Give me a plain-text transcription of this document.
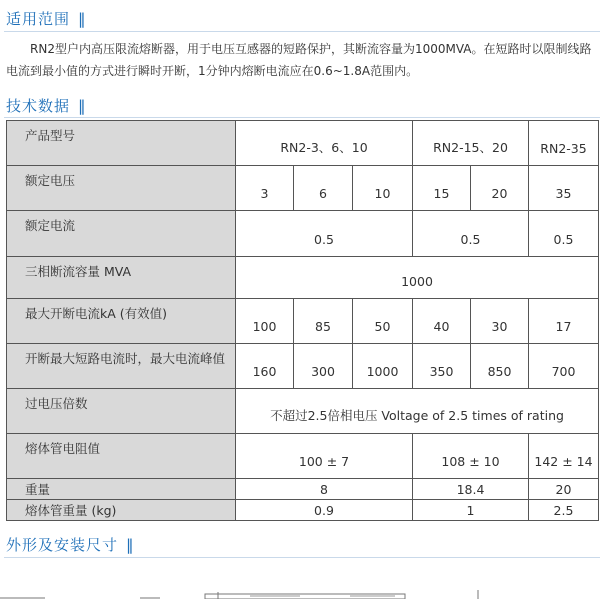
适用范围 ‖

RN2型户内高压限流熔断器，用于电压互感器的短路保护，其断流容量为1000MVA。在短路时以限制线路电流到最小值的方式进行瞬时开断，1分钟内熔断电流应在0.6~1.8A范围内。

技术数据 ‖
产品型号	RN2-3、6、10			RN2-15、20		RN2-35
额定电压	3	6	10	15	20	35
额定电流	0.5			0.5		0.5
三相断流容量 MVA	1000					
最大开断电流kA (有效值)	100	85	50	40	30	17
开断最大短路电流时，最大电流峰值	160	300	1000	350	850	700
过电压倍数	不超过2.5倍相电压 Voltage of 2.5 times of rating					
熔体管电阻值	100 ± 7			108 ± 10		142 ± 14
重量	8			18.4		20
熔体管重量 (kg)	0.9			1		2.5
外形及安装尺寸 ‖
